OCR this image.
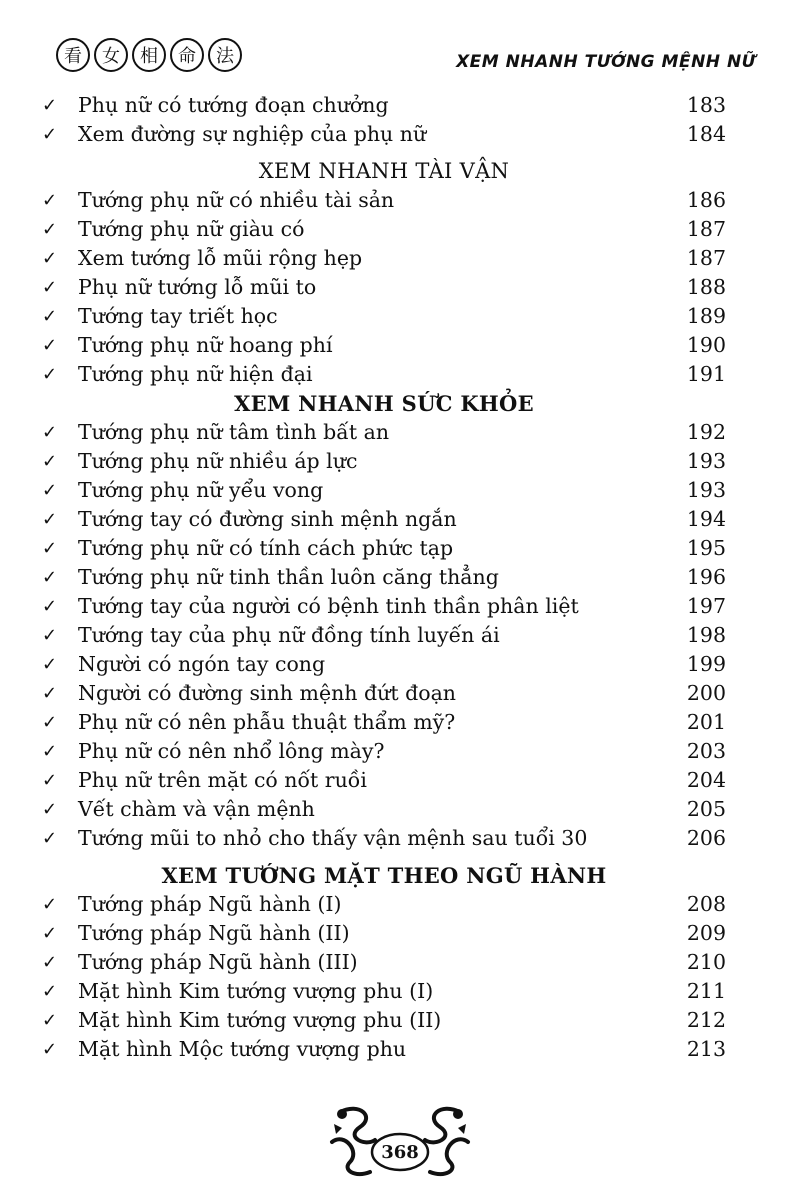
看	女	相	命	法	XEM NHANH TƯỚNG MỆNH NỮ
✓	Phụ nữ có tướng đoạn chưởng	183
✓	Xem đường sự nghiệp của phụ nữ	184
XEM NHANH TÀI VẬN
✓	Tướng phụ nữ có nhiều tài sản	186
✓	Tướng phụ nữ giàu có	187
✓	Xem tướng lỗ mũi rộng hẹp	187
✓	Phụ nữ tướng lỗ mũi to	188
✓	Tướng tay triết học	189
✓	Tướng phụ nữ hoang phí	190
✓	Tướng phụ nữ hiện đại	191
XEM NHANH SỨC KHỎE
✓	Tướng phụ nữ tâm tình bất an	192
✓	Tướng phụ nữ nhiều áp lực	193
✓	Tướng phụ nữ yểu vong	193
✓	Tướng tay có đường sinh mệnh ngắn	194
✓	Tướng phụ nữ có tính cách phức tạp	195
✓	Tướng phụ nữ tinh thần luôn căng thẳng	196
✓	Tướng tay của người có bệnh tinh thần phân liệt	197
✓	Tướng tay của phụ nữ đồng tính luyến ái	198
✓	Người có ngón tay cong	199
✓	Người có đường sinh mệnh đứt đoạn	200
✓	Phụ nữ có nên phẫu thuật thẩm mỹ?	201
✓	Phụ nữ có nên nhổ lông mày?	203
✓	Phụ nữ trên mặt có nốt ruồi	204
✓	Vết chàm và vận mệnh	205
✓	Tướng mũi to nhỏ cho thấy vận mệnh sau tuổi 30	206
XEM TƯỚNG MẶT THEO NGŨ HÀNH
✓	Tướng pháp Ngũ hành (I)	208
✓	Tướng pháp Ngũ hành (II)	209
✓	Tướng pháp Ngũ hành (III)	210
✓	Mặt hình Kim tướng vượng phu (I)	211
✓	Mặt hình Kim tướng vượng phu (II)	212
✓	Mặt hình Mộc tướng vượng phu	213
368
